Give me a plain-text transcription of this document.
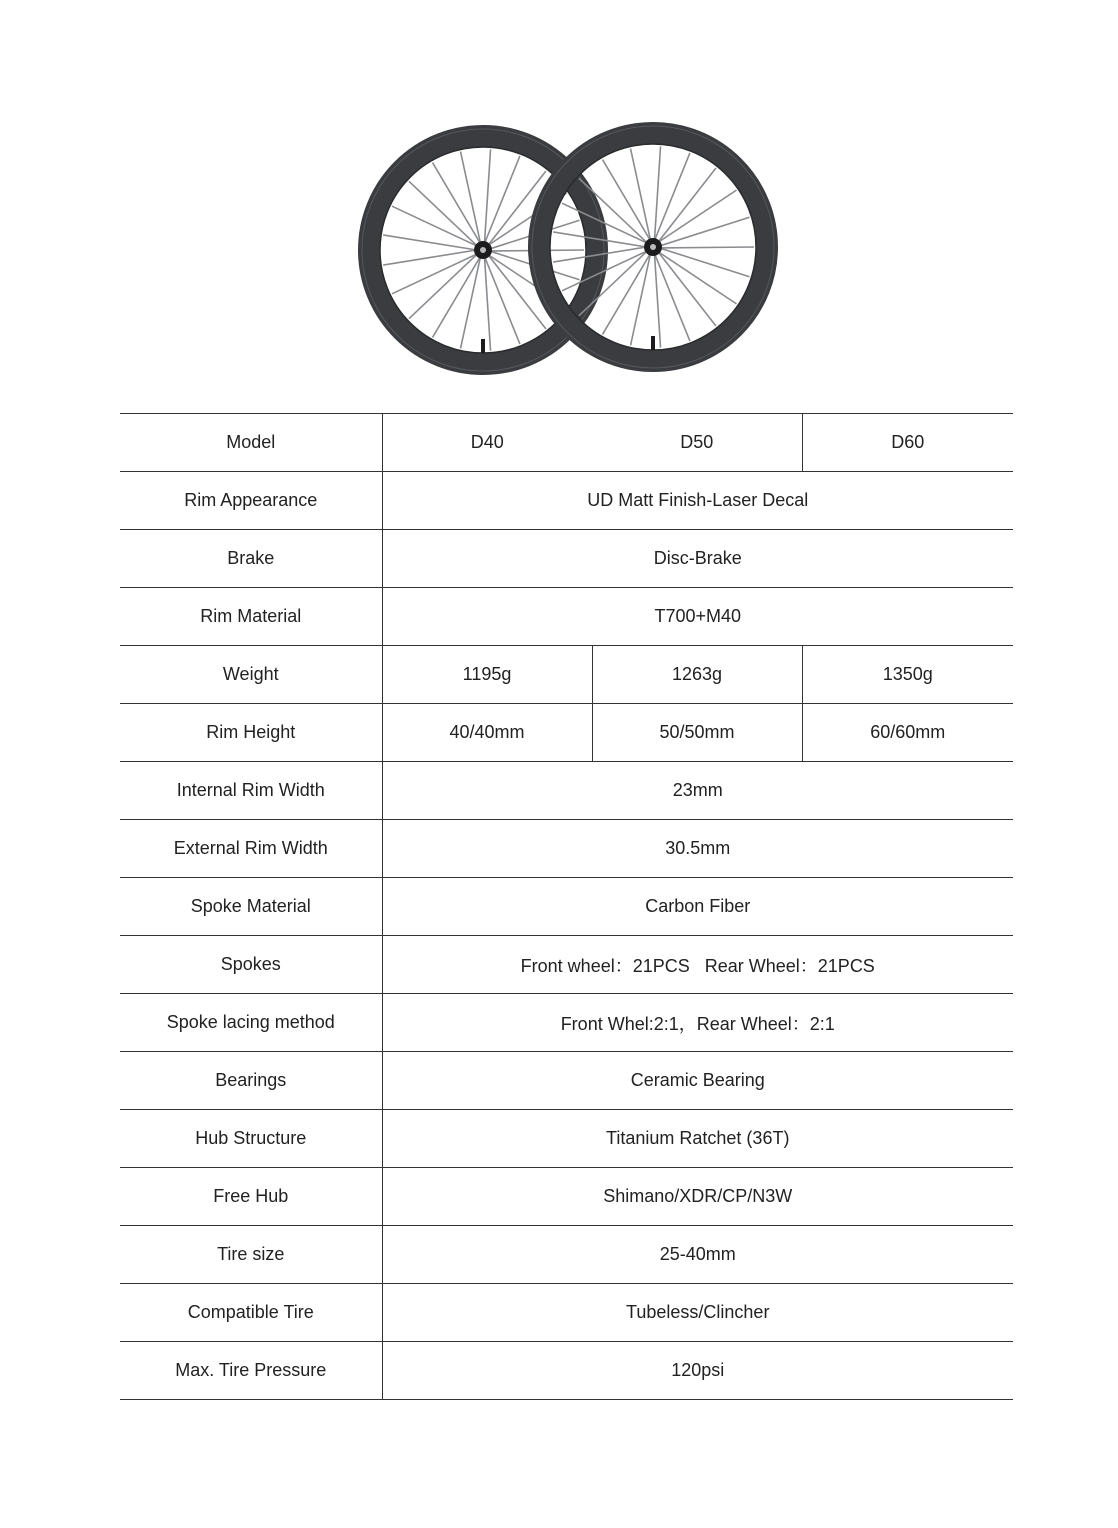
Model	D40	D50	D60
Rim Appearance	UD Matt Finish-Laser Decal		
Brake	Disc-Brake		
Rim Material	T700+M40		
Weight	1195g	1263g	1350g
Rim Height	40/40mm	50/50mm	60/60mm
Internal Rim Width	23mm		
External Rim Width	30.5mm		
Spoke Material	Carbon Fiber		
Spokes	Front wheel：21PCS   Rear Wheel：21PCS		
Spoke lacing method	Front Whel:2:1，Rear Wheel：2:1		
Bearings	Ceramic Bearing		
Hub Structure	Titanium Ratchet (36T)		
Free Hub	Shimano/XDR/CP/N3W		
Tire size	25-40mm		
Compatible Tire	Tubeless/Clincher		
Max. Tire Pressure	120psi		
